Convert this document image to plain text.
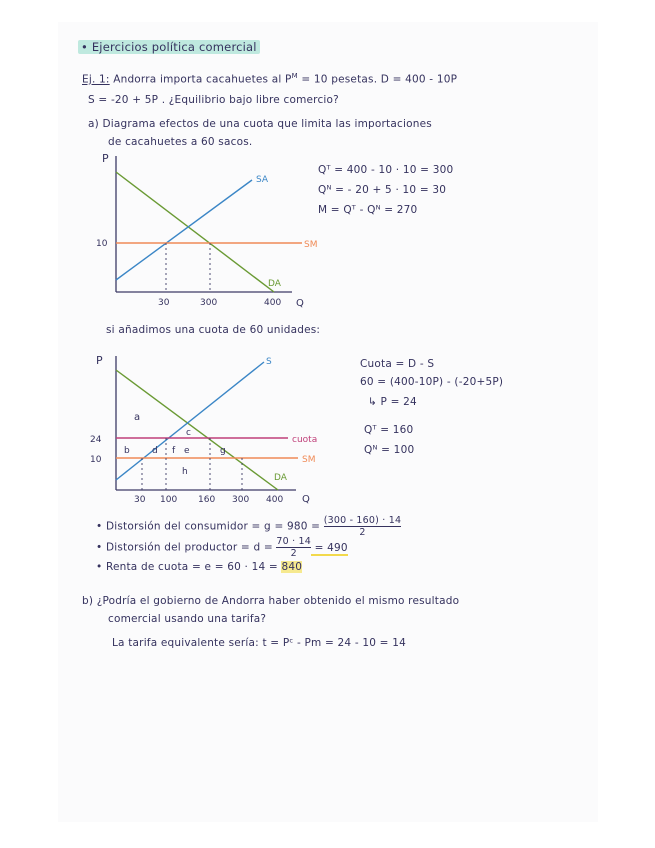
• Ejercicios política comercial
Ej. 1: Andorra importa cacahuetes al $P^M = 10$ pesetas. D = 400 - 10P
S = -20 + 5P . ¿Equilibrio bajo libre comercio?
a) Diagrama efectos de una cuota que limita las importaciones
de cacahuetes a 60 sacos.
P
Q
10
30	300	400
SA
DA
SM
Qᵀ = 400 - 10 · 10 = 300
Qᴺ = - 20 + 5 · 10 = 30
M = Qᵀ - Qᴺ = 270
si añadimos una cuota de 60 unidades:
P
Q
24
10
30 100 160 300 400
S
DA
cuota
SM
a
b
c
d	e
f	g
h
Cuota = D - S
60 = (400-10P) - (-20+5P)
↳ P = 24
Qᵀ = 160
Qᴺ = 100
• Distorsión del consumidor = $g = 980 = \frac{(300 - 160) \cdot 14}{2}$
• Distorsión del productor = $d = \frac{70 \cdot 14}{2} = 490$
• Renta de cuota = e = 60 · 14 = 840
b) ¿Podría el gobierno de Andorra haber obtenido el mismo resultado
comercial usando una tarifa?
La tarifa equivalente sería: t = Pᶜ - Pm = 24 - 10 = 14
